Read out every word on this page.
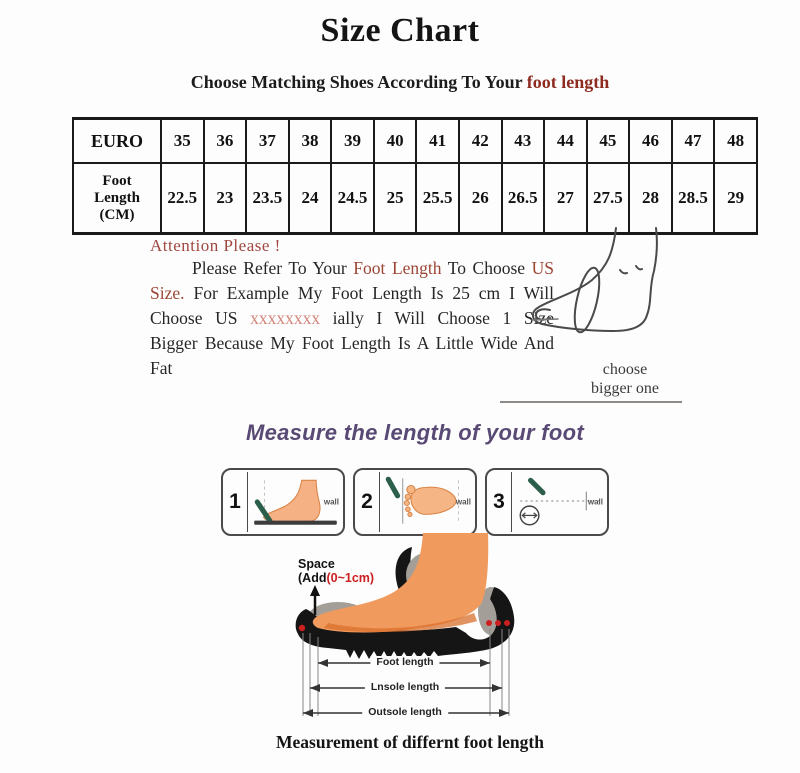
Size Chart
Choose Matching Shoes According To Your foot length
EURO	35	36	37	38	39	40	41	42	43	44	45	46	47	48
Foot Length (CM)	22.5	23	23.5	24	24.5	25	25.5	26	26.5	27	27.5	28	28.5	29
Attention Please !
Please Refer To Your Foot Length To Choose US Size. For Example My Foot Length Is 25 cm I Will Choose US xxxxxxxx ially I Will Choose 1 Size Bigger Because My Foot Length Is A Little Wide And Fat	choose
bigger one
Measure the length of your foot
1	wall 2	wall 3	wall
Space
(Add(0~1cm)
Foot length
Lnsole length
Outsole length
Measurement of differnt foot length
